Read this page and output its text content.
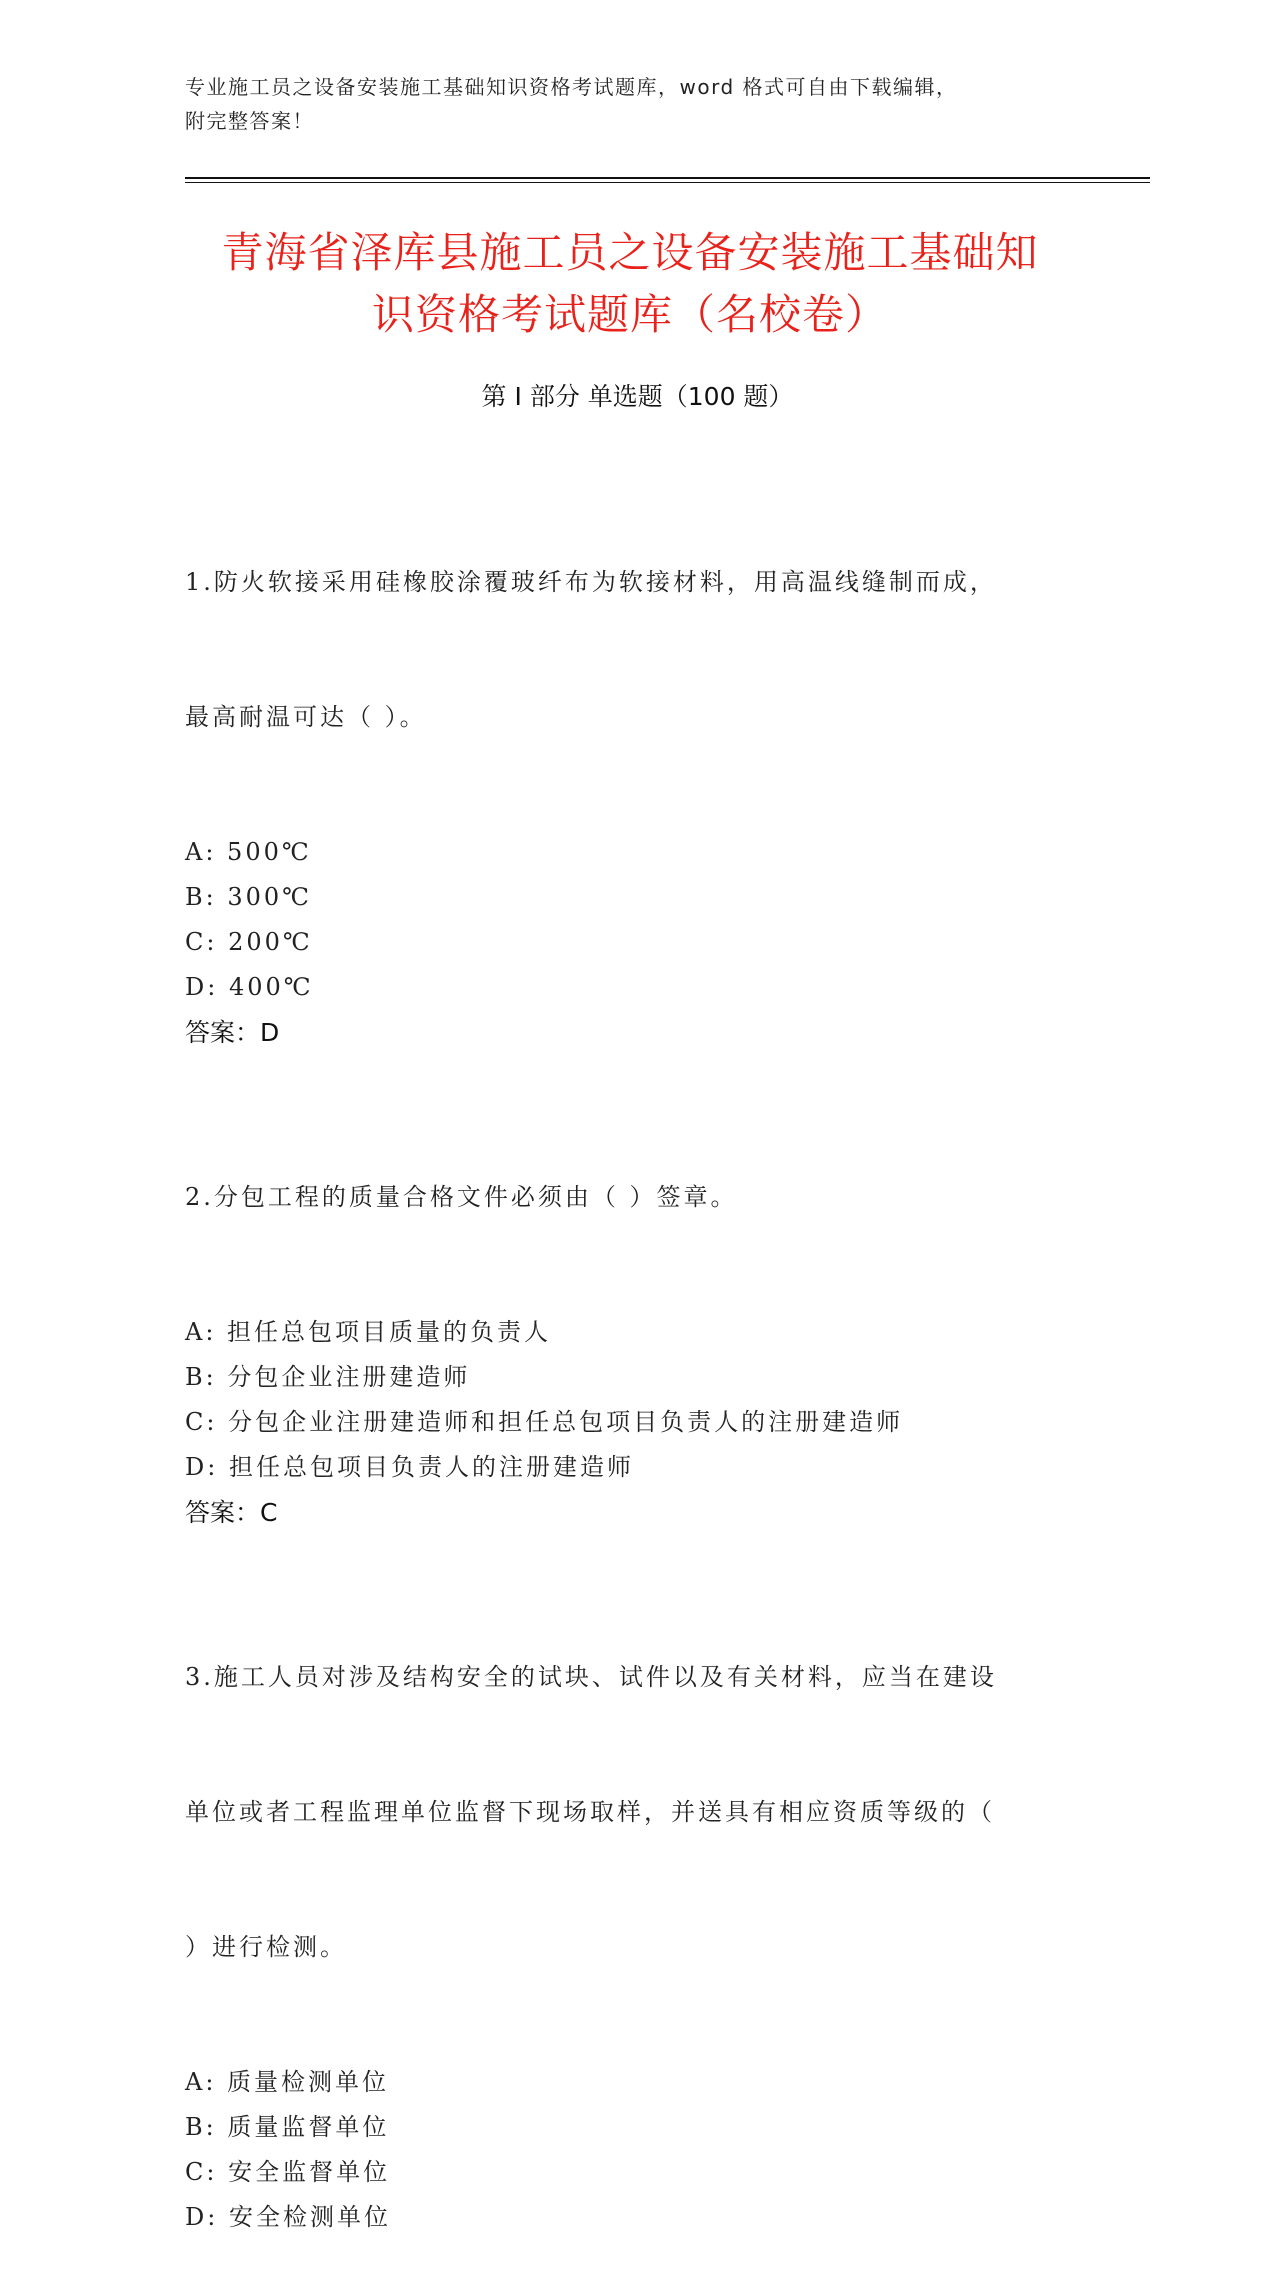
专业施工员之设备安装施工基础知识资格考试题库，word 格式可自由下载编辑，
附完整答案！
青海省泽库县施工员之设备安装施工基础知
识资格考试题库（名校卷）
第 I 部分 单选题（100 题）

1.防火软接采用硅橡胶涂覆玻纤布为软接材料，用高温线缝制而成，

最高耐温可达（ ）。

A: 500℃
B: 300℃
C: 200℃
D: 400℃
答案：D

2.分包工程的质量合格文件必须由（ ）签章。

A: 担任总包项目质量的负责人
B: 分包企业注册建造师
C: 分包企业注册建造师和担任总包项目负责人的注册建造师
D: 担任总包项目负责人的注册建造师
答案：C

3.施工人员对涉及结构安全的试块、试件以及有关材料，应当在建设

单位或者工程监理单位监督下现场取样，并送具有相应资质等级的（

）进行检测。

A: 质量检测单位
B: 质量监督单位
C: 安全监督单位
D: 安全检测单位
